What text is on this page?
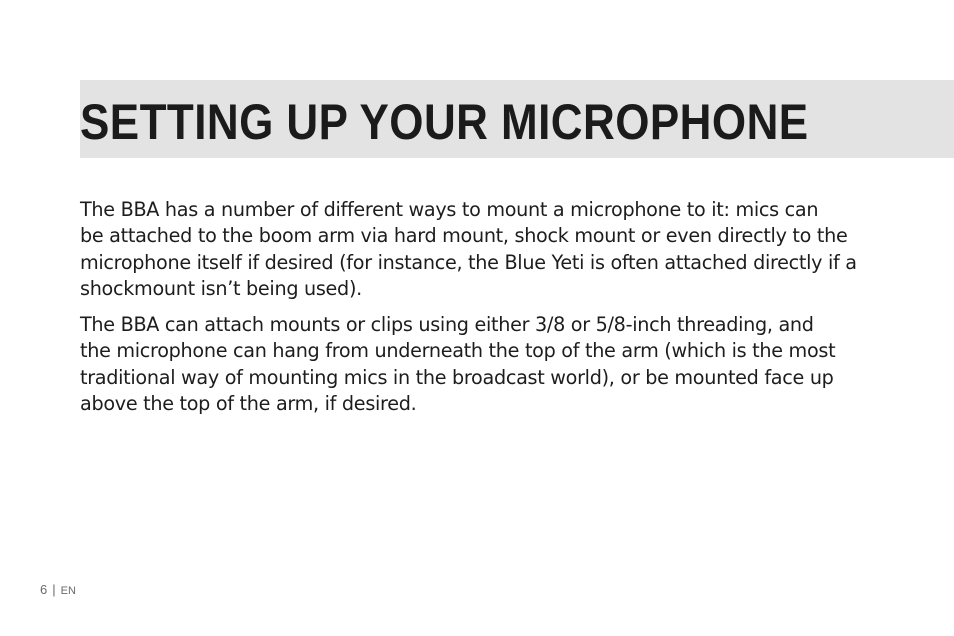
SETTING UP YOUR MICROPHONE

The BBA has a number of different ways to mount a microphone to it: mics can
be attached to the boom arm via hard mount, shock mount or even directly to the
microphone itself if desired (for instance, the Blue Yeti is often attached directly if a
shockmount isn’t being used).

The BBA can attach mounts or clips using either 3/8 or 5/8-inch threading, and
the microphone can hang from underneath the top of the arm (which is the most
traditional way of mounting mics in the broadcast world), or be mounted face up
above the top of the arm, if desired.

6 | EN
